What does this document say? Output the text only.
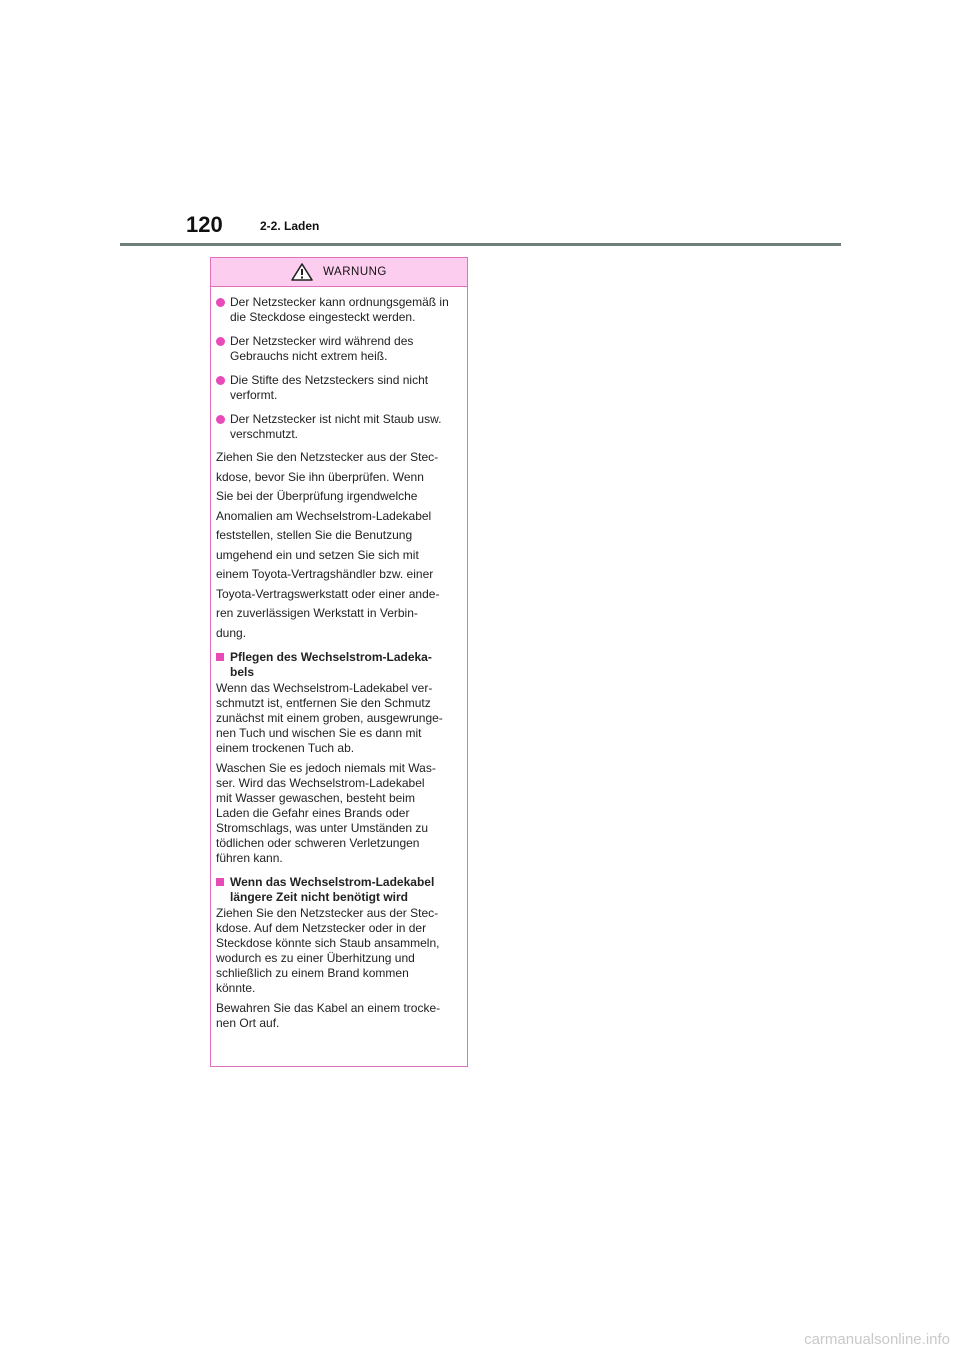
120	2-2. Laden
WARNUNG
Der Netzstecker kann ordnungsgemäß in die Steckdose eingesteckt werden.
Der Netzstecker wird während des Gebrauchs nicht extrem heiß.
Die Stifte des Netzsteckers sind nicht verformt.
Der Netzstecker ist nicht mit Staub usw. verschmutzt.
Ziehen Sie den Netzstecker aus der Stec-
kdose, bevor Sie ihn überprüfen. Wenn
Sie bei der Überprüfung irgendwelche
Anomalien am Wechselstrom-Ladekabel
feststellen, stellen Sie die Benutzung
umgehend ein und setzen Sie sich mit
einem Toyota-Vertragshändler bzw. einer
Toyota-Vertragswerkstatt oder einer ande-
ren zuverlässigen Werkstatt in Verbin-
dung.
Pflegen des Wechselstrom-Ladeka-
bels
Wenn das Wechselstrom-Ladekabel ver-
schmutzt ist, entfernen Sie den Schmutz
zunächst mit einem groben, ausgewrunge-
nen Tuch und wischen Sie es dann mit
einem trockenen Tuch ab.
Waschen Sie es jedoch niemals mit Was-
ser. Wird das Wechselstrom-Ladekabel
mit Wasser gewaschen, besteht beim
Laden die Gefahr eines Brands oder
Stromschlags, was unter Umständen zu
tödlichen oder schweren Verletzungen
führen kann.
Wenn das Wechselstrom-Ladekabel
längere Zeit nicht benötigt wird
Ziehen Sie den Netzstecker aus der Stec-
kdose. Auf dem Netzstecker oder in der
Steckdose könnte sich Staub ansammeln,
wodurch es zu einer Überhitzung und
schließlich zu einem Brand kommen
könnte.
Bewahren Sie das Kabel an einem trocke-
nen Ort auf.
carmanualsonline.info
